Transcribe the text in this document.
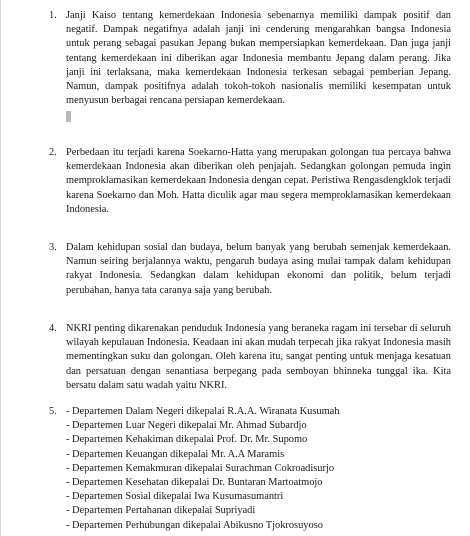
1. Janji Kaiso tentang kemerdekaan Indonesia sebenarnya memiliki dampak positif dan negatif. Dampak negatifnya adalah janji ini cenderung mengarahkan bangsa Indonesia untuk perang sebagai pasukan Jepang bukan mempersiapkan kemerdekaan. Dan juga janji tentang kemerdekaan ini diberikan agar Indonesia membantu Jepang dalam perang. Jika janji ini terlaksana, maka kemerdekaan Indonesia terkesan sebagai pemberian Jepang. Namun, dampak positifnya adalah tokoh-tokoh nasionalis memiliki kesempatan untuk menyusun berbagai rencana persiapan kemerdekaan.
2. Perbedaan itu terjadi karena Soekarno-Hatta yang merupakan golongan tua percaya bahwa kemerdekaan Indonesia akan diberikan oleh penjajah. Sedangkan golongan pemuda ingin memproklamasikan kemerdekaan Indonesia dengan cepat. Peristiwa Rengasdengklok terjadi karena Soekarno dan Moh. Hatta diculik agar mau segera memproklamasikan kemerdekaan Indonesia.
3. Dalam kehidupan sosial dan budaya, belum banyak yang berubah semenjak kemerdekaan. Namun seiring berjalannya waktu, pengaruh budaya asing mulai tampak dalam kehidupan rakyat Indonesia. Sedangkan dalam kehidupan ekonomi dan politik, belum terjadi perubahan, hanya tata caranya saja yang berubah.
4. NKRI penting dikarenakan penduduk Indonesia yang beraneka ragam ini tersebar di seluruh wilayah kepulauan Indonesia. Keadaan ini akan mudah terpecah jika rakyat Indonesia masih mementingkan suku dan golongan. Oleh karena itu, sangat penting untuk menjaga kesatuan dan persatuan dengan senantiasa berpegang pada semboyan bhinneka tunggal ika. Kita bersatu dalam satu wadah yaitu NKRI.
5. - Departemen Dalam Negeri dikepalai R.A.A. Wiranata Kusumah
- Departemen Luar Negeri dikepalai Mr. Ahmad Subardjo
- Departemen Kehakiman dikepalai Prof. Dr. Mr. Supomo
- Departemen Keuangan dikepalai Mr. A.A Maramis
- Departemen Kemakmuran dikepalai Surachman Cokroadisurjo
- Departemen Kesehatan dikepalai Dr. Buntaran Martoatmojo
- Departemen Sosial dikepalai Iwa Kusumasumantri
- Departemen Pertahanan dikepalai Supriyadi
- Departemen Perhubungan dikepalai Abikusno Tjokrosuyoso
